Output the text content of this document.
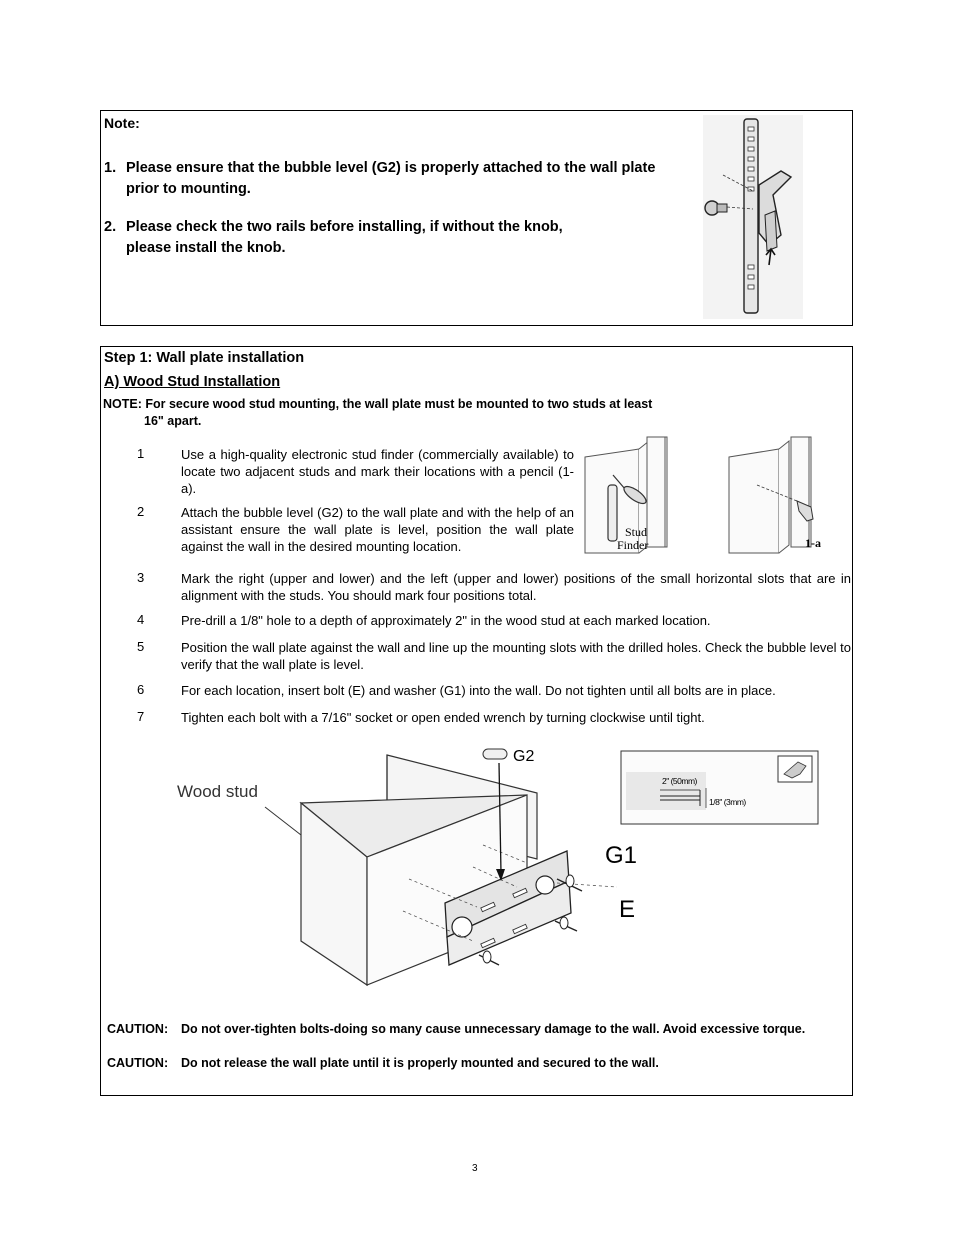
Note:
1. Please ensure that the bubble level (G2) is properly attached to the wall plate prior to mounting.
2. Please check the two rails before installing, if without the knob, please install the knob.
Step 1: Wall plate installation
A) Wood Stud Installation
NOTE: For secure wood stud mounting, the wall plate must be mounted to two studs at least
16" apart.
1	Use a high-quality electronic stud finder (commercially available) to locate two adjacent studs and mark their locations with a pencil (1-a).
2	Attach the bubble level (G2) to the wall plate and with the help of an assistant ensure the wall plate is level, position the wall plate against the wall in the desired mounting location.
3	Mark the right (upper and lower) and the left (upper and lower) positions of the small horizontal slots that are in alignment with the studs. You should mark four positions total.
4	Pre-drill a 1/8" hole to a depth of approximately 2" in the wood stud at each marked location.
5	Position the wall plate against the wall and line up the mounting slots with the drilled holes. Check the bubble level to verify that the wall plate is level.
6	For each location, insert bolt (E) and washer (G1) into the wall. Do not tighten until all bolts are in place.
7	Tighten each bolt with a 7/16" socket or open ended wrench by turning clockwise until tight.
Stud
Finder	1-a
G2
Wood stud
G1
E
2" (50mm)
1/8" (3mm)
CAUTION: Do not over-tighten bolts-doing so many cause unnecessary damage to the wall. Avoid excessive torque.
CAUTION: Do not release the wall plate until it is properly mounted and secured to the wall.
3
